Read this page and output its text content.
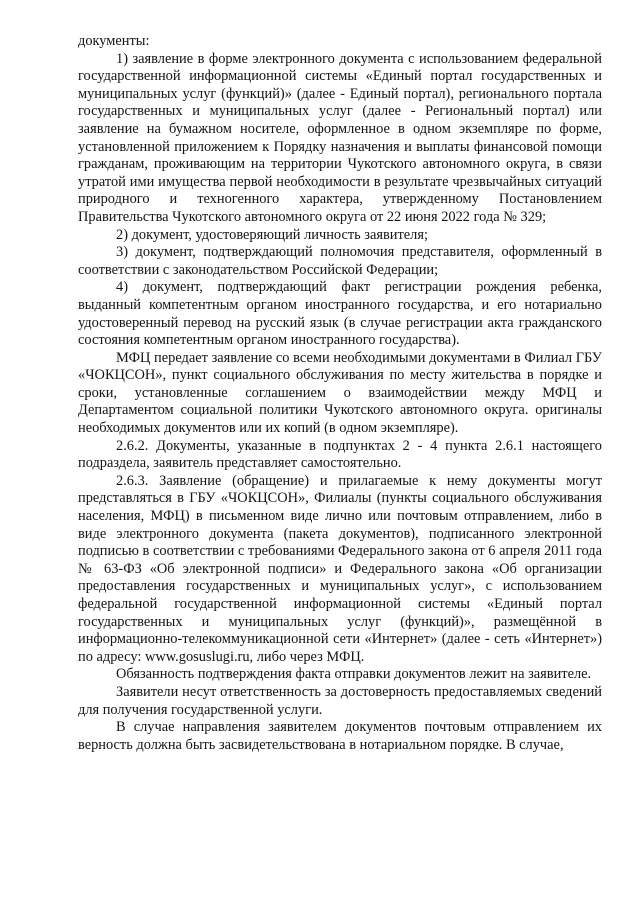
документы:

1) заявление в форме электронного документа с использованием федеральной государственной информационной системы «Единый портал государственных и муниципальных услуг (функций)» (далее - Единый портал), регионального портала государственных и муниципальных услуг (далее - Региональный портал) или заявление на бумажном носителе, оформленное в одном экземпляре по форме, установленной приложением к Порядку назначения и выплаты финансовой помощи гражданам, проживающим на территории Чукотского автономного округа, в связи утратой ими имущества первой необходимости в результате чрезвычайных ситуаций природного и техногенного характера, утвержденному Постановлением Правительства Чукотского автономного округа от 22 июня 2022 года № 329;

2) документ, удостоверяющий личность заявителя;

3) документ, подтверждающий полномочия представителя, оформленный в соответствии с законодательством Российской Федерации;

4) документ, подтверждающий факт регистрации рождения ребенка, выданный компетентным органом иностранного государства, и его нотариально удостоверенный перевод на русский язык (в случае регистрации акта гражданского состояния компетентным органом иностранного государства).

МФЦ передает заявление со всеми необходимыми документами в Филиал ГБУ «ЧОКЦСОН», пункт социального обслуживания по месту жительства в порядке и сроки, установленные соглашением о взаимодействии между МФЦ и Департаментом социальной политики Чукотского автономного округа. оригиналы необходимых документов или их копий (в одном экземпляре).

2.6.2. Документы, указанные в подпунктах 2 - 4 пункта 2.6.1 настоящего подраздела, заявитель представляет самостоятельно.

2.6.3. Заявление (обращение) и прилагаемые к нему документы могут представляться в ГБУ «ЧОКЦСОН», Филиалы (пункты социального обслуживания населения, МФЦ) в письменном виде лично или почтовым отправлением, либо в виде электронного документа (пакета документов), подписанного электронной подписью в соответствии с требованиями Федерального закона от 6 апреля 2011 года № 63-ФЗ «Об электронной подписи» и Федерального закона «Об организации предоставления государственных и муниципальных услуг», с использованием федеральной государственной информационной системы «Единый портал государственных и муниципальных услуг (функций)», размещённой в информационно-телекоммуникационной сети «Интернет» (далее - сеть «Интернет») по адресу: www.gosuslugi.ru, либо через МФЦ.

Обязанность подтверждения факта отправки документов лежит на заявителе.

Заявители несут ответственность за достоверность предоставляемых сведений для получения государственной услуги.

В случае направления заявителем документов почтовым отправлением их верность должна быть засвидетельствована в нотариальном порядке. В случае,
